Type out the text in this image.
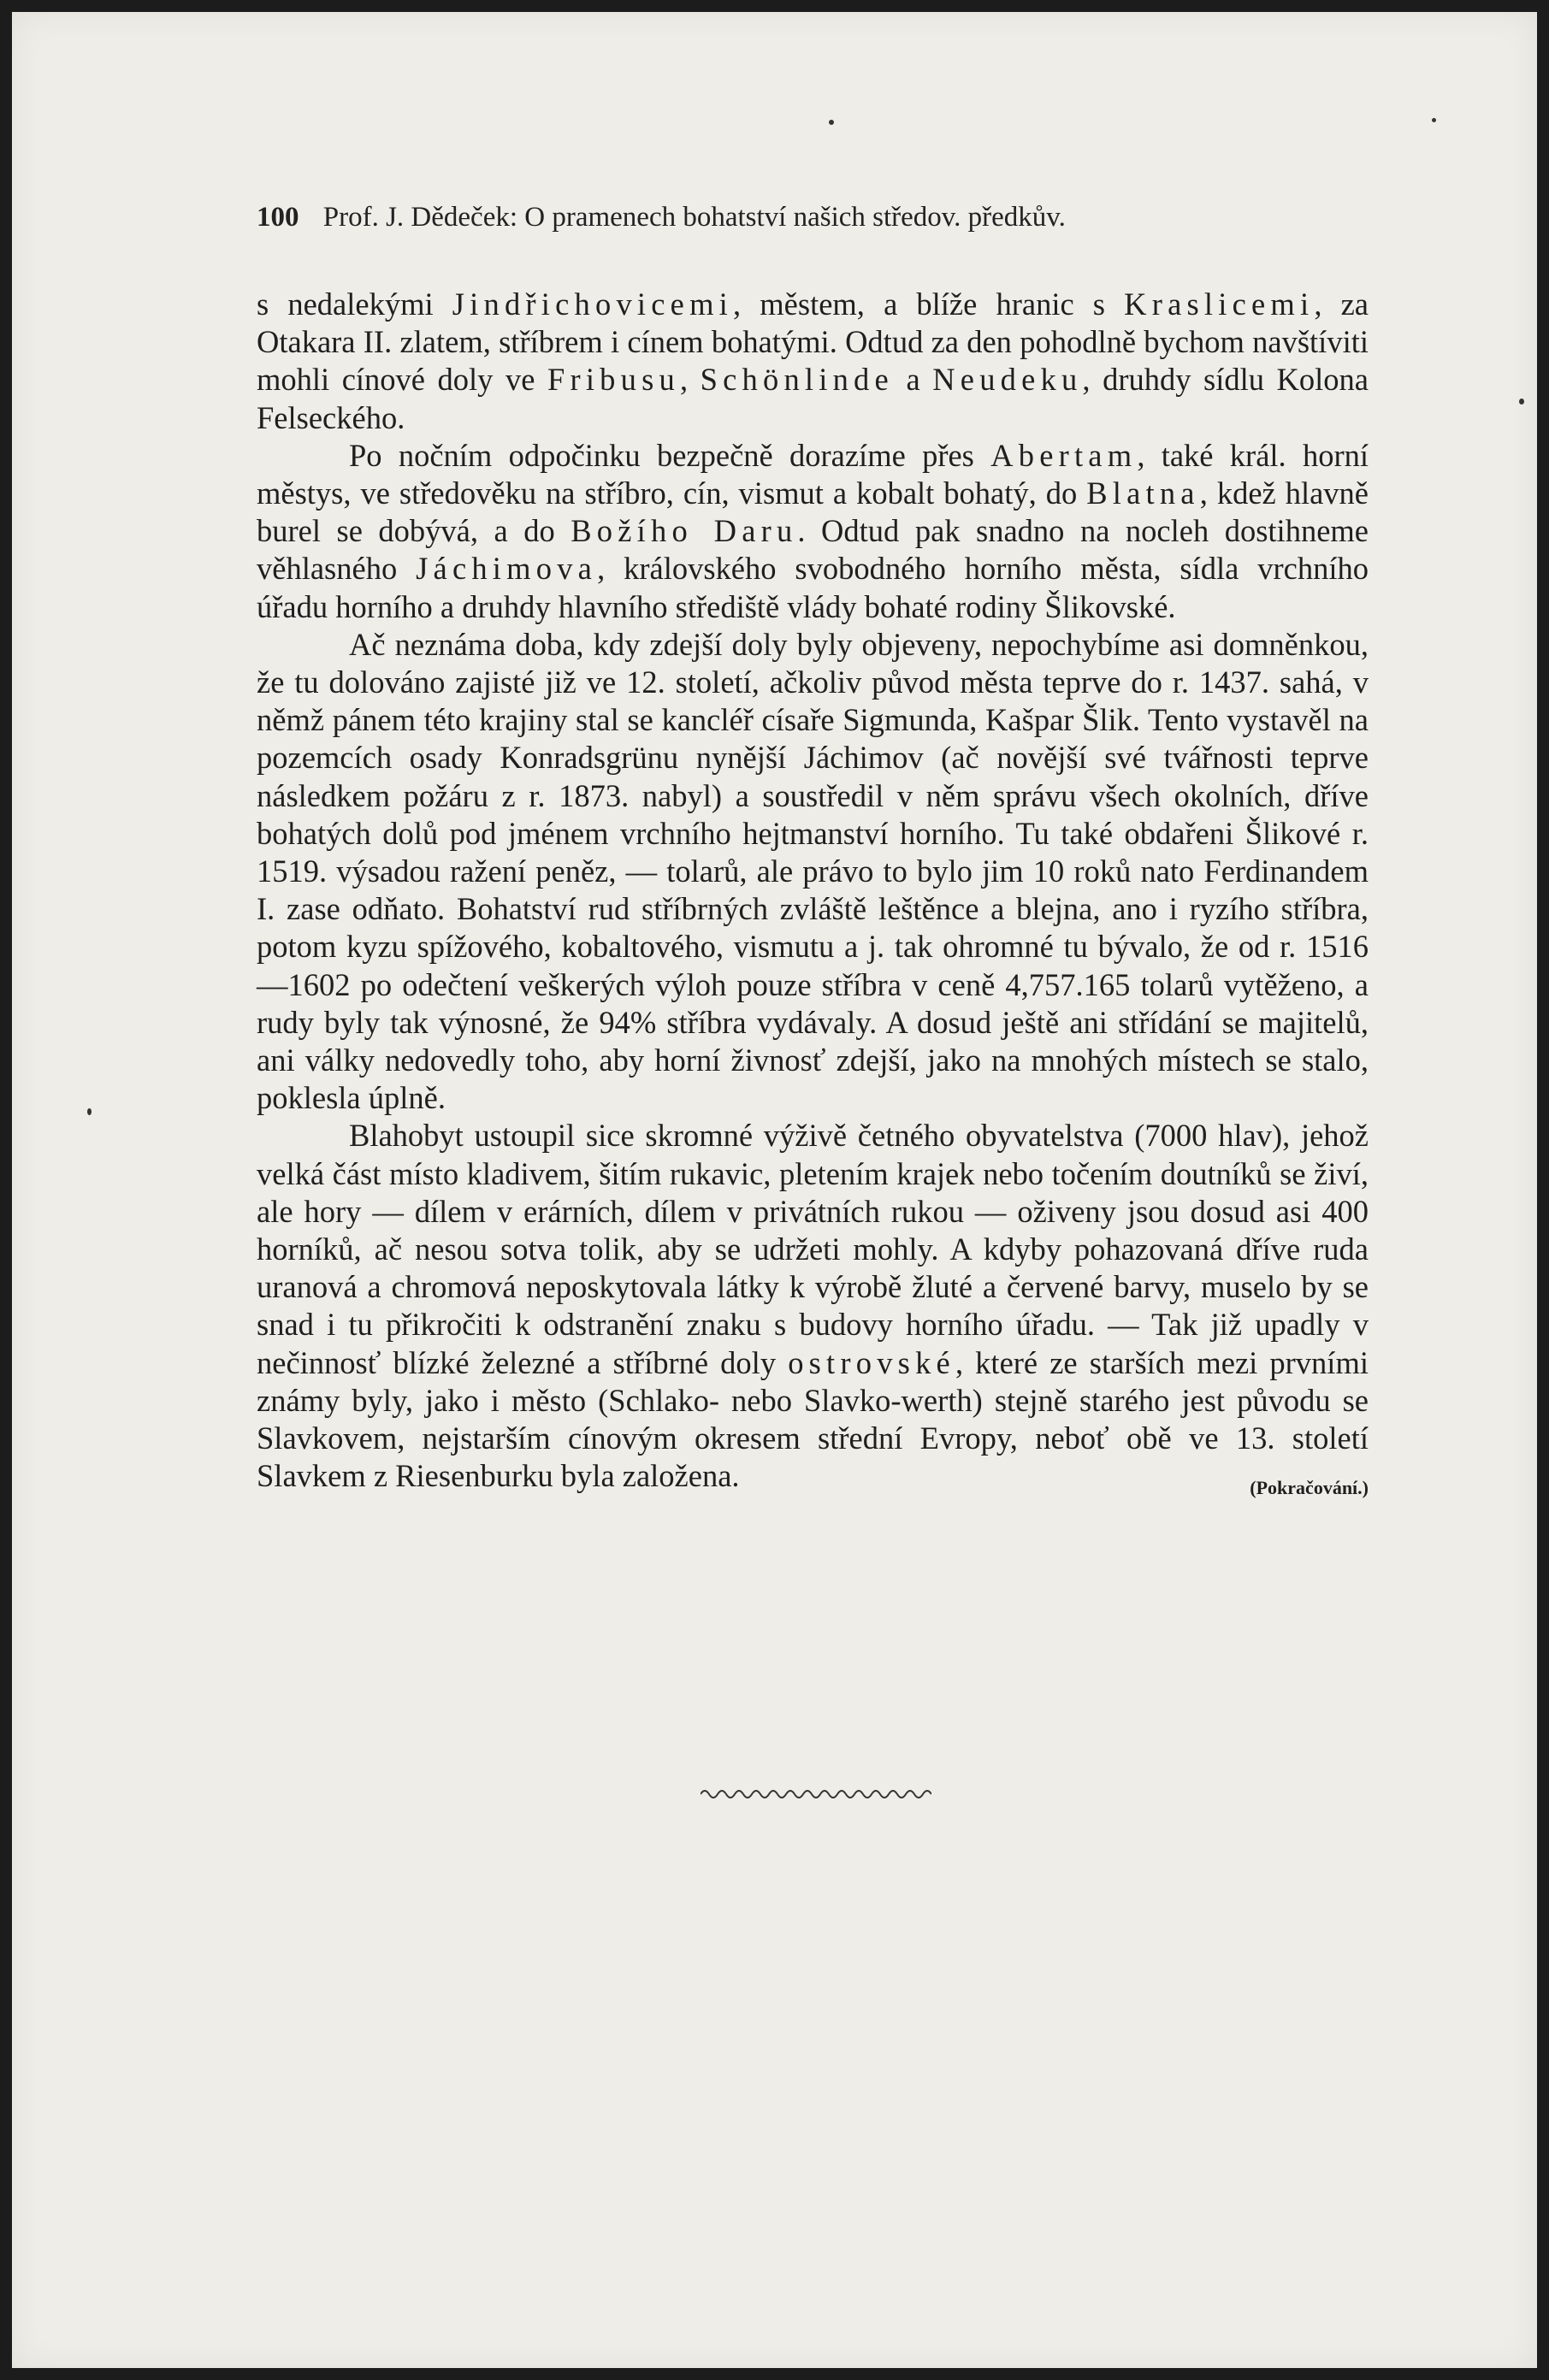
100 Prof. J. Dědeček: O pramenech bohatství našich středov. předkův.

s nedalekými Jindřichovicemi, městem, a blíže hranic s Kraslicemi, za Otakara II. zlatem, stříbrem i cínem bohatými. Odtud za den pohodlně bychom navštíviti mohli cínové doly ve Fribusu, Schönlinde a Neudeku, druhdy sídlu Kolona Felseckého.

Po nočním odpočinku bezpečně dorazíme přes Abertam, také král. horní městys, ve středověku na stříbro, cín, vismut a kobalt bohatý, do Blatna, kdež hlavně burel se dobývá, a do Božího Daru. Odtud pak snadno na nocleh dostihneme věhlasného Jáchimova, královského svobodného horního města, sídla vrchního úřadu horního a druhdy hlavního střediště vlády bohaté rodiny Šlikovské.

Ač neznáma doba, kdy zdejší doly byly objeveny, nepochybíme asi domněnkou, že tu dolováno zajisté již ve 12. století, ačkoliv původ města teprve do r. 1437. sahá, v němž pánem této krajiny stal se kancléř císaře Sigmunda, Kašpar Šlik. Tento vystavěl na pozemcích osady Konradsgrünu nynější Jáchimov (ač novější své tvářnosti teprve následkem požáru z r. 1873. nabyl) a soustředil v něm správu všech okolních, dříve bohatých dolů pod jménem vrchního hejtmanství horního. Tu také obdařeni Šlikové r. 1519. výsadou ražení peněz, — tolarů, ale právo to bylo jim 10 roků nato Ferdinandem I. zase odňato. Bohatství rud stříbrných zvláště leštěnce a blejna, ano i ryzího stříbra, potom kyzu spížového, kobaltového, vismutu a j. tak ohromné tu bývalo, že od r. 1516—1602 po odečtení veškerých výloh pouze stříbra v ceně 4,757.165 tolarů vytěženo, a rudy byly tak výnosné, že 94% stříbra vydávaly. A dosud ještě ani střídání se majitelů, ani války nedovedly toho, aby horní živnosť zdejší, jako na mnohých místech se stalo, poklesla úplně.

Blahobyt ustoupil sice skromné výživě četného obyvatelstva (7000 hlav), jehož velká část místo kladivem, šitím rukavic, pletením krajek nebo točením doutníků se živí, ale hory — dílem v erárních, dílem v privátních rukou — oživeny jsou dosud asi 400 horníků, ač nesou sotva tolik, aby se udržeti mohly. A kdyby pohazovaná dříve ruda uranová a chromová neposkytovala látky k výrobě žluté a červené barvy, muselo by se snad i tu přikročiti k odstranění znaku s budovy horního úřadu. — Tak již upadly v nečinnosť blízké železné a stříbrné doly ostrovské, které ze starších mezi prvními známy byly, jako i město (Schlako- nebo Slavko-werth) stejně starého jest původu se Slavkovem, nejstarším cínovým okresem střední Evropy, neboť obě ve 13. století Slavkem z Riesenburku byla založena.	(Pokračování.)
